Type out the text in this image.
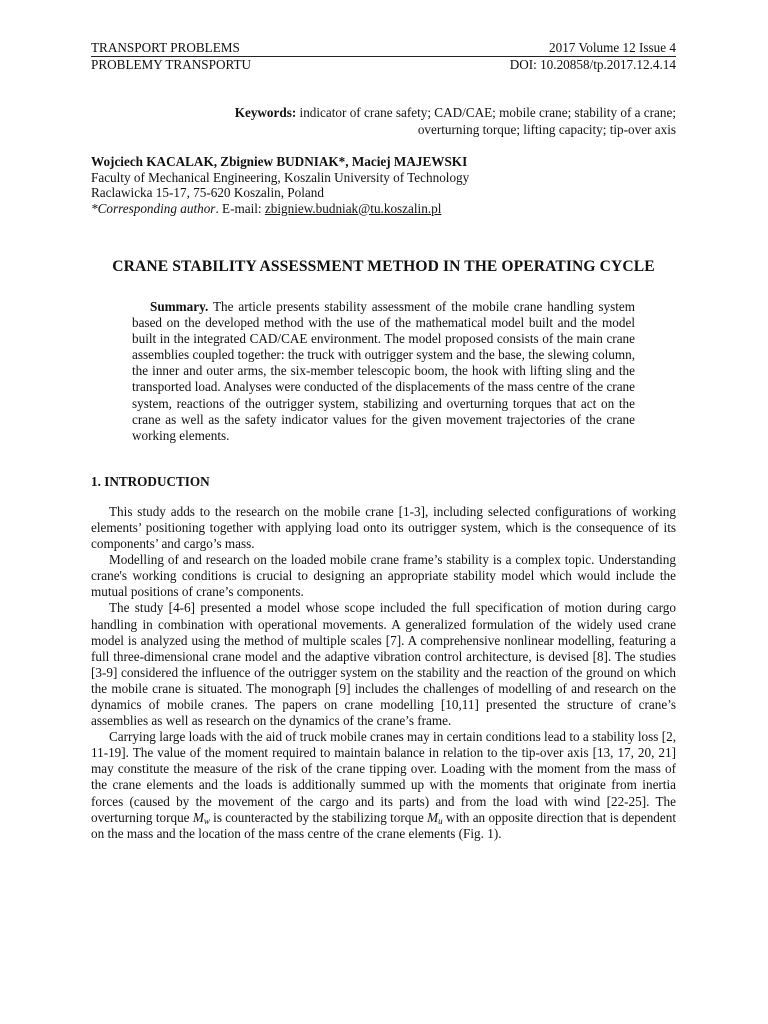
TRANSPORT PROBLEMS	2017 Volume 12 Issue 4
PROBLEMY TRANSPORTU	DOI: 10.20858/tp.2017.12.4.14
Keywords: indicator of crane safety; CAD/CAE; mobile crane; stability of a crane; overturning torque; lifting capacity; tip-over axis
Wojciech KACALAK, Zbigniew BUDNIAK*, Maciej MAJEWSKI
Faculty of Mechanical Engineering, Koszalin University of Technology
Raclawicka 15-17, 75-620 Koszalin, Poland
*Corresponding author. E-mail: zbigniew.budniak@tu.koszalin.pl
CRANE STABILITY ASSESSMENT METHOD IN THE OPERATING CYCLE
Summary. The article presents stability assessment of the mobile crane handling system based on the developed method with the use of the mathematical model built and the model built in the integrated CAD/CAE environment. The model proposed consists of the main crane assemblies coupled together: the truck with outrigger system and the base, the slewing column, the inner and outer arms, the six-member telescopic boom, the hook with lifting sling and the transported load. Analyses were conducted of the displacements of the mass centre of the crane system, reactions of the outrigger system, stabilizing and overturning torques that act on the crane as well as the safety indicator values for the given movement trajectories of the crane working elements.
1. INTRODUCTION

This study adds to the research on the mobile crane [1-3], including selected configurations of working elements’ positioning together with applying load onto its outrigger system, which is the consequence of its components’ and cargo’s mass.

Modelling of and research on the loaded mobile crane frame’s stability is a complex topic. Understanding crane's working conditions is crucial to designing an appropriate stability model which would include the mutual positions of crane’s components.

The study [4-6] presented a model whose scope included the full specification of motion during cargo handling in combination with operational movements. A generalized formulation of the widely used crane model is analyzed using the method of multiple scales [7]. A comprehensive nonlinear modelling, featuring a full three-dimensional crane model and the adaptive vibration control architecture, is devised [8]. The studies [3-9] considered the influence of the outrigger system on the stability and the reaction of the ground on which the mobile crane is situated. The monograph [9] includes the challenges of modelling of and research on the dynamics of mobile cranes. The papers on crane modelling [10,11] presented the structure of crane’s assemblies as well as research on the dynamics of the crane’s frame.

Carrying large loads with the aid of truck mobile cranes may in certain conditions lead to a stability loss [2, 11-19]. The value of the moment required to maintain balance in relation to the tip-over axis [13, 17, 20, 21] may constitute the measure of the risk of the crane tipping over. Loading with the moment from the mass of the crane elements and the loads is additionally summed up with the moments that originate from inertia forces (caused by the movement of the cargo and its parts) and from the load with wind [22-25]. The overturning torque $M_w$ is counteracted by the stabilizing torque $M_u$ with an opposite direction that is dependent on the mass and the location of the mass centre of the crane elements (Fig. 1).
